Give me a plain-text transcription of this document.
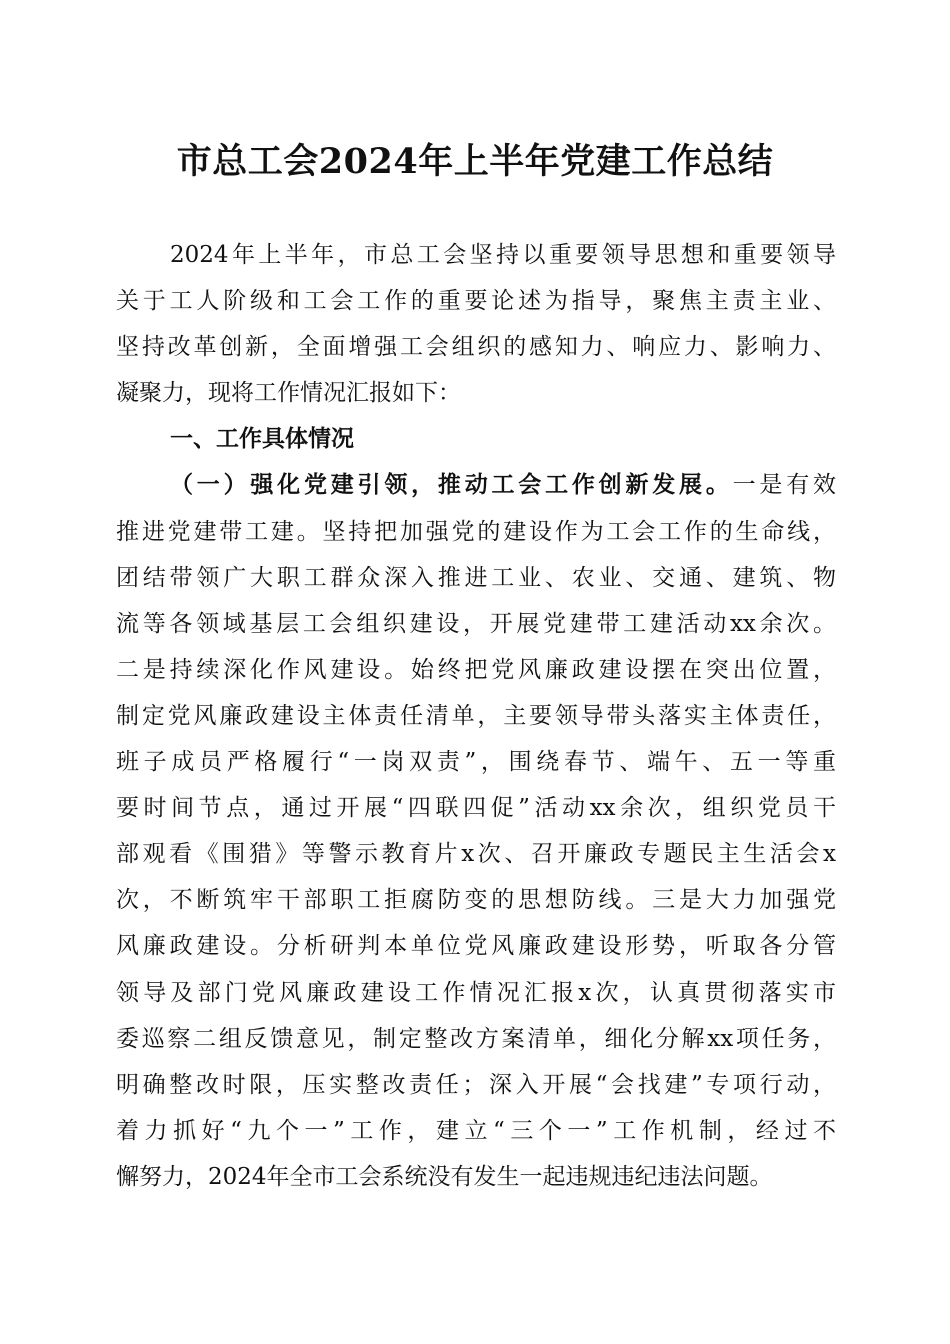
市总工会2024年上半年党建工作总结
2024年上半年，市总工会坚持以重要领导思想和重要领导
关于工人阶级和工会工作的重要论述为指导，聚焦主责主业、
坚持改革创新，全面增强工会组织的感知力、响应力、影响力、
凝聚力，现将工作情况汇报如下：
一、工作具体情况
（一）强化党建引领，推动工会工作创新发展。一是有效
推进党建带工建。坚持把加强党的建设作为工会工作的生命线，
团结带领广大职工群众深入推进工业、农业、交通、建筑、物
流等各领域基层工会组织建设，开展党建带工建活动xx余次。
二是持续深化作风建设。始终把党风廉政建设摆在突出位置，
制定党风廉政建设主体责任清单，主要领导带头落实主体责任，
班子成员严格履行“一岗双责”，围绕春节、端午、五一等重
要时间节点，通过开展“四联四促”活动xx余次，组织党员干
部观看《围猎》等警示教育片x次、召开廉政专题民主生活会x
次，不断筑牢干部职工拒腐防变的思想防线。三是大力加强党
风廉政建设。分析研判本单位党风廉政建设形势，听取各分管
领导及部门党风廉政建设工作情况汇报x次，认真贯彻落实市
委巡察二组反馈意见，制定整改方案清单，细化分解xx项任务，
明确整改时限，压实整改责任；深入开展“会找建”专项行动，
着力抓好“九个一”工作，建立“三个一”工作机制，经过不
懈努力，2024年全市工会系统没有发生一起违规违纪违法问题。
